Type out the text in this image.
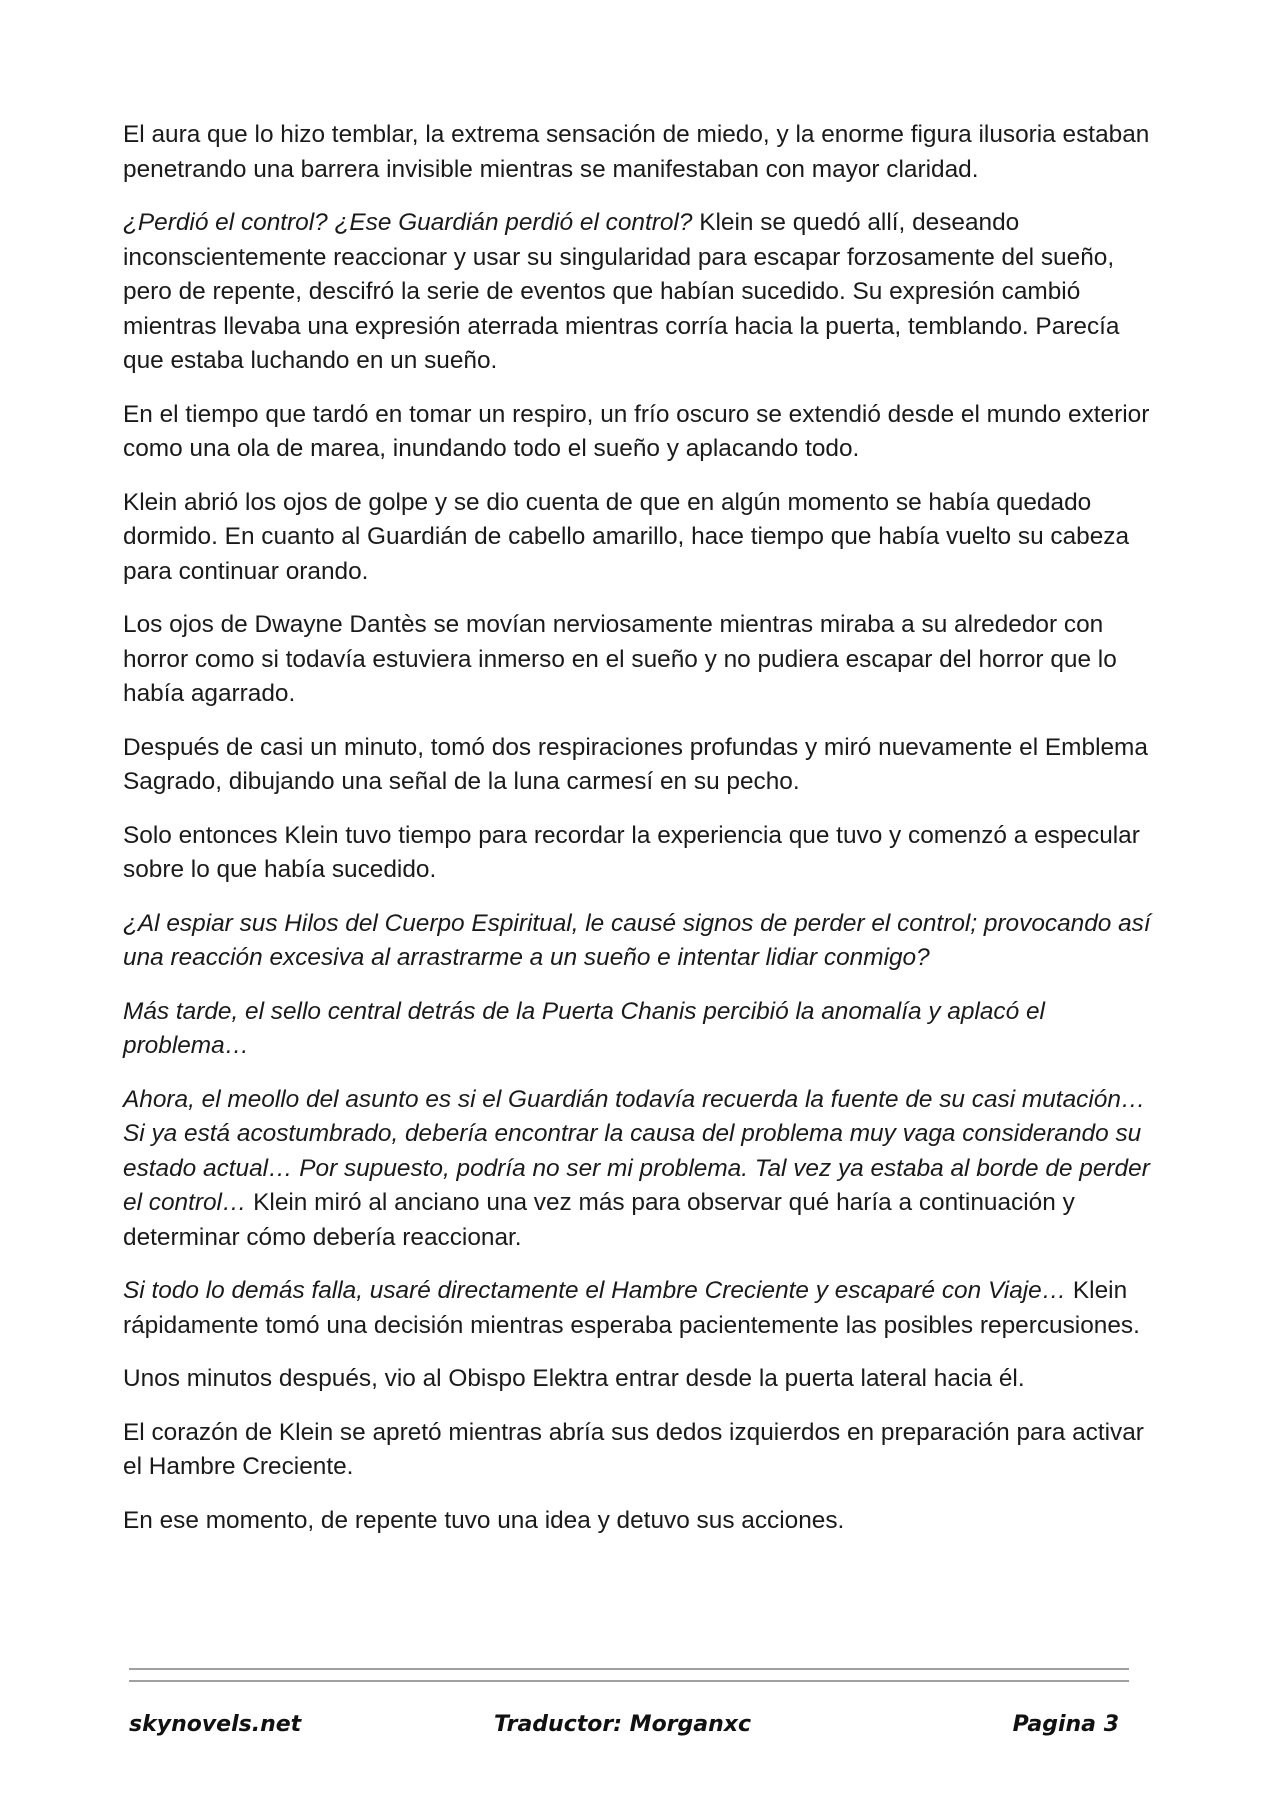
El aura que lo hizo temblar, la extrema sensación de miedo, y la enorme figura ilusoria estaban penetrando una barrera invisible mientras se manifestaban con mayor claridad.

¿Perdió el control? ¿Ese Guardián perdió el control? Klein se quedó allí, deseando inconscientemente reaccionar y usar su singularidad para escapar forzosamente del sueño, pero de repente, descifró la serie de eventos que habían sucedido. Su expresión cambió mientras llevaba una expresión aterrada mientras corría hacia la puerta, temblando. Parecía que estaba luchando en un sueño.

En el tiempo que tardó en tomar un respiro, un frío oscuro se extendió desde el mundo exterior como una ola de marea, inundando todo el sueño y aplacando todo.

Klein abrió los ojos de golpe y se dio cuenta de que en algún momento se había quedado dormido. En cuanto al Guardián de cabello amarillo, hace tiempo que había vuelto su cabeza para continuar orando.

Los ojos de Dwayne Dantès se movían nerviosamente mientras miraba a su alrededor con horror como si todavía estuviera inmerso en el sueño y no pudiera escapar del horror que lo había agarrado.

Después de casi un minuto, tomó dos respiraciones profundas y miró nuevamente el Emblema Sagrado, dibujando una señal de la luna carmesí en su pecho.

Solo entonces Klein tuvo tiempo para recordar la experiencia que tuvo y comenzó a especular sobre lo que había sucedido.

¿Al espiar sus Hilos del Cuerpo Espiritual, le causé signos de perder el control; provocando así una reacción excesiva al arrastrarme a un sueño e intentar lidiar conmigo?

Más tarde, el sello central detrás de la Puerta Chanis percibió la anomalía y aplacó el problema…

Ahora, el meollo del asunto es si el Guardián todavía recuerda la fuente de su casi mutación… Si ya está acostumbrado, debería encontrar la causa del problema muy vaga considerando su estado actual… Por supuesto, podría no ser mi problema. Tal vez ya estaba al borde de perder el control… Klein miró al anciano una vez más para observar qué haría a continuación y determinar cómo debería reaccionar.

Si todo lo demás falla, usaré directamente el Hambre Creciente y escaparé con Viaje… Klein rápidamente tomó una decisión mientras esperaba pacientemente las posibles repercusiones.

Unos minutos después, vio al Obispo Elektra entrar desde la puerta lateral hacia él.

El corazón de Klein se apretó mientras abría sus dedos izquierdos en preparación para activar el Hambre Creciente.

En ese momento, de repente tuvo una idea y detuvo sus acciones.

skynovels.net	Traductor: Morganxc	Pagina 3
